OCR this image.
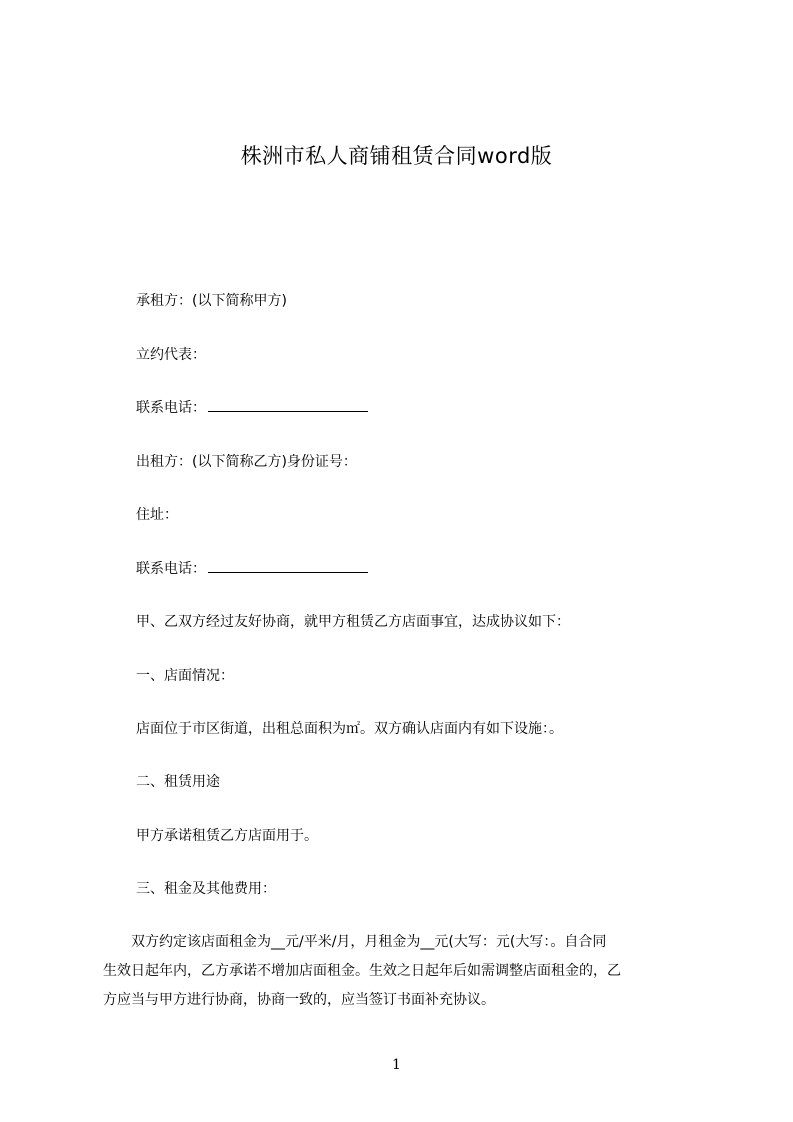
株洲市私人商铺租赁合同word版
承租方：(以下简称甲方)
立约代表：
联系电话：
出租方：(以下简称乙方)身份证号：
住址：
联系电话：
甲、乙双方经过友好协商，就甲方租赁乙方店面事宜，达成协议如下：
一、店面情况：
店面位于市区街道，出租总面积为㎡。双方确认店面内有如下设施：。
二、租赁用途
甲方承诺租赁乙方店面用于。
三、租金及其他费用：
　　双方约定该店面租金为__元/平米/月，月租金为__元(大写：元(大写：。自合同
生效日起年内，乙方承诺不增加店面租金。生效之日起年后如需调整店面租金的，乙
方应当与甲方进行协商，协商一致的，应当签订书面补充协议。
1
